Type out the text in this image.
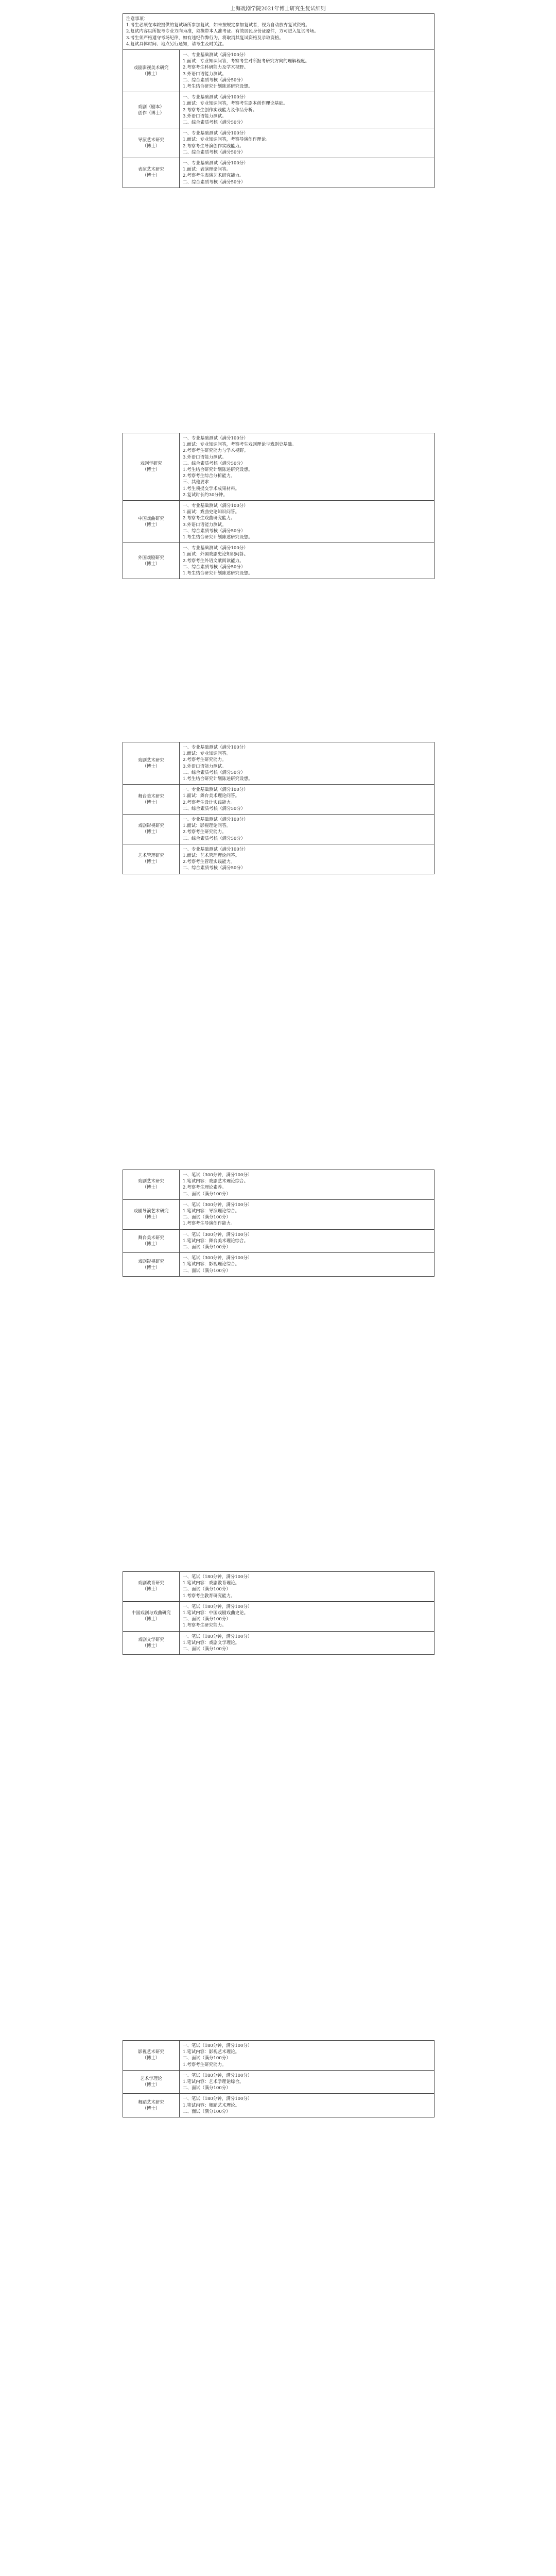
上海戏剧学院2021年博士研究生复试细则
注意事项：
1.考生必须在本院提供的复试场所参加复试，如未按规定参加复试者，视为自动放弃复试资格。
2.复试内容以所报考专业方向为准，须携带本人准考证、有效居民身份证原件，方可进入复试考场。
3.考生须严格遵守考场纪律，如有违纪作弊行为，将取消其复试资格及录取资格。
4.复试具体时间、地点另行通知，请考生及时关注。
戏剧影视美术研究
（博士）
一、专业基础测试（满分100分）
1.面试：专业知识问答，考察考生对所报考研究方向的理解程度。
2.考察考生科研能力及学术视野。
3.外语口语能力测试。
二、综合素质考核（满分50分）
1.考生结合研究计划陈述研究设想。
戏剧（剧本）
创作（博士）
一、专业基础测试（满分100分）
1.面试：专业知识问答，考察考生剧本创作理论基础。
2.考察考生创作实践能力及作品分析。
3.外语口语能力测试。
二、综合素质考核（满分50分）
导演艺术研究
（博士）
一、专业基础测试（满分100分）
1.面试：专业知识问答，考察导演创作理论。
2.考察考生导演创作实践能力。
二、综合素质考核（满分50分）
表演艺术研究
（博士）
一、专业基础测试（满分100分）
1.面试：表演理论问答。
2.考察考生表演艺术研究能力。
二、综合素质考核（满分50分）
戏剧学研究
（博士）
一、专业基础测试（满分100分）
1.面试：专业知识问答，考察考生戏剧理论与戏剧史基础。
2.考察考生研究能力与学术视野。
3.外语口语能力测试。
二、综合素质考核（满分50分）
1.考生结合研究计划陈述研究设想。
2.考察考生综合分析能力。
三、其他要求
1.考生须提交学术成果材料。
2.复试时长约30分钟。
中国戏曲研究
（博士）
一、专业基础测试（满分100分）
1.面试：戏曲史论知识问答。
2.考察考生戏曲研究能力。
3.外语口语能力测试。
二、综合素质考核（满分50分）
1.考生结合研究计划陈述研究设想。
外国戏剧研究
（博士）
一、专业基础测试（满分100分）
1.面试：外国戏剧史论知识问答。
2.考察考生外语文献阅读能力。
二、综合素质考核（满分50分）
1.考生结合研究计划陈述研究设想。
戏剧艺术研究
（博士）
一、专业基础测试（满分100分）
1.面试：专业知识问答。
2.考察考生研究能力。
3.外语口语能力测试。
二、综合素质考核（满分50分）
1.考生结合研究计划陈述研究设想。
舞台美术研究
（博士）
一、专业基础测试（满分100分）
1.面试：舞台美术理论问答。
2.考察考生设计实践能力。
二、综合素质考核（满分50分）
戏剧影视研究
（博士）
一、专业基础测试（满分100分）
1.面试：影视理论问答。
2.考察考生研究能力。
二、综合素质考核（满分50分）
艺术管理研究
（博士）
一、专业基础测试（满分100分）
1.面试：艺术管理理论问答。
2.考察考生管理实践能力。
二、综合素质考核（满分50分）
戏剧艺术研究
（博士）
一、笔试（300分钟，满分100分）
1.笔试内容：戏剧艺术理论综合。
2.考察考生理论素养。
二、面试（满分100分）
戏剧导演艺术研究
（博士）
一、笔试（300分钟，满分100分）
1.笔试内容：导演理论综合。
二、面试（满分100分）
1.考察考生导演创作能力。
舞台美术研究
（博士）
一、笔试（300分钟，满分100分）
1.笔试内容：舞台美术理论综合。
二、面试（满分100分）
戏剧影视研究
（博士）
一、笔试（300分钟，满分100分）
1.笔试内容：影视理论综合。
二、面试（满分100分）
戏剧教育研究
（博士）
一、笔试（180分钟，满分100分）
1.笔试内容：戏剧教育理论。
二、面试（满分100分）
1.考察考生教育研究能力。
中国戏剧与戏曲研究
（博士）
一、笔试（180分钟，满分100分）
1.笔试内容：中国戏剧戏曲史论。
二、面试（满分100分）
1.考察考生研究能力。
戏剧文学研究
（博士）
一、笔试（180分钟，满分100分）
1.笔试内容：戏剧文学理论。
二、面试（满分100分）
影视艺术研究
（博士）
一、笔试（180分钟，满分100分）
1.笔试内容：影视艺术理论。
二、面试（满分100分）
1.考察考生研究能力。
艺术学理论
（博士）
一、笔试（180分钟，满分100分）
1.笔试内容：艺术学理论综合。
二、面试（满分100分）
舞蹈艺术研究
（博士）
一、笔试（180分钟，满分100分）
1.笔试内容：舞蹈艺术理论。
二、面试（满分100分）
